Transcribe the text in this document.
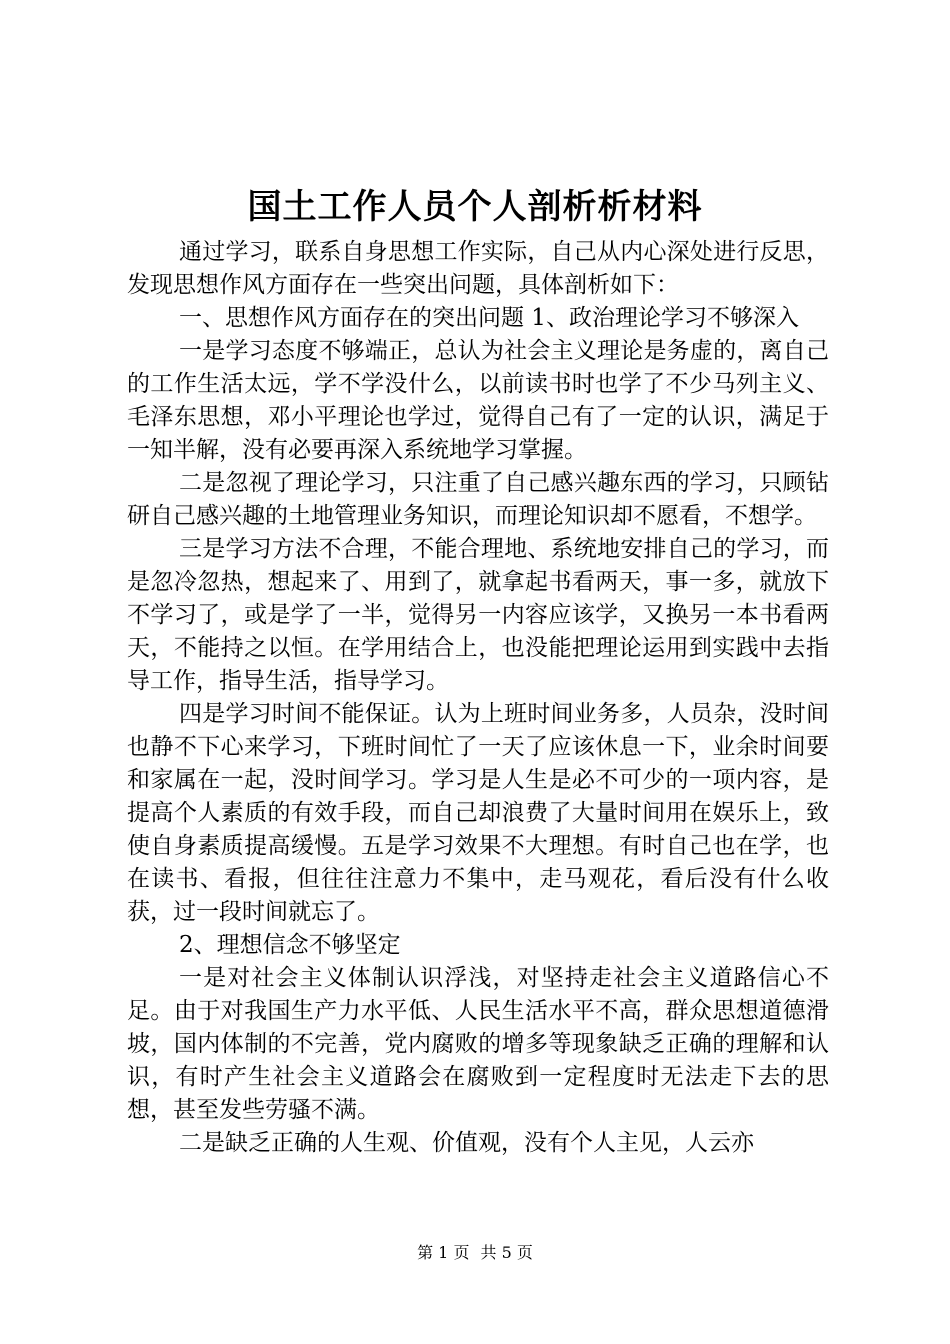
国土工作人员个人剖析析材料

通过学习，联系自身思想工作实际，自己从内心深处进行反思，发现思想作风方面存在一些突出问题，具体剖析如下：

一、思想作风方面存在的突出问题 1、政治理论学习不够深入

一是学习态度不够端正，总认为社会主义理论是务虚的，离自己的工作生活太远，学不学没什么，以前读书时也学了不少马列主义、毛泽东思想，邓小平理论也学过，觉得自己有了一定的认识，满足于一知半解，没有必要再深入系统地学习掌握。

二是忽视了理论学习，只注重了自己感兴趣东西的学习，只顾钻研自己感兴趣的土地管理业务知识，而理论知识却不愿看，不想学。

三是学习方法不合理，不能合理地、系统地安排自己的学习，而是忽冷忽热，想起来了、用到了，就拿起书看两天，事一多，就放下不学习了，或是学了一半，觉得另一内容应该学，又换另一本书看两天，不能持之以恒。在学用结合上，也没能把理论运用到实践中去指导工作，指导生活，指导学习。

四是学习时间不能保证。认为上班时间业务多，人员杂，没时间也静不下心来学习，下班时间忙了一天了应该休息一下，业余时间要和家属在一起，没时间学习。学习是人生是必不可少的一项内容，是提高个人素质的有效手段，而自己却浪费了大量时间用在娱乐上，致使自身素质提高缓慢。五是学习效果不大理想。有时自己也在学，也在读书、看报，但往往注意力不集中，走马观花，看后没有什么收获，过一段时间就忘了。

2、理想信念不够坚定

一是对社会主义体制认识浮浅，对坚持走社会主义道路信心不足。由于对我国生产力水平低、人民生活水平不高，群众思想道德滑坡，国内体制的不完善，党内腐败的增多等现象缺乏正确的理解和认识，有时产生社会主义道路会在腐败到一定程度时无法走下去的思想，甚至发些劳骚不满。

二是缺乏正确的人生观、价值观，没有个人主见，人云亦

第 1 页 共 5 页
